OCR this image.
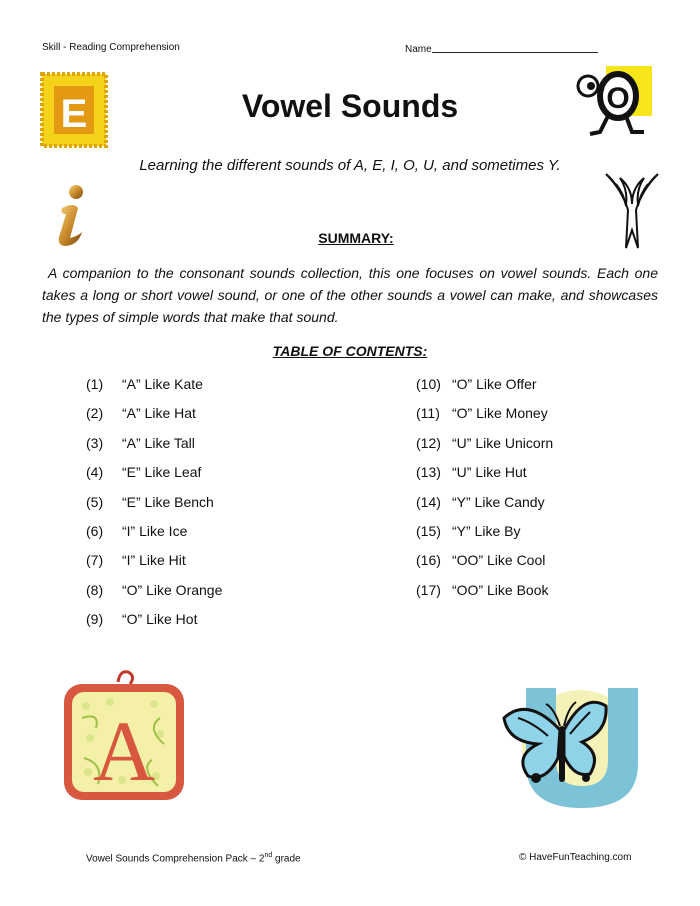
Skill - Reading Comprehension	Name
E	O
Vowel Sounds
Learning the different sounds of A, E, I, O, U, and sometimes Y.
i
SUMMARY:
A companion to the consonant sounds collection, this one focuses on vowel sounds. Each one takes a long or short vowel sound, or one of the other sounds a vowel can make, and showcases the types of simple words that make that sound.
TABLE OF CONTENTS:
(1) “A” Like Kate
(2) “A” Like Hat
(3) “A” Like Tall
(4) “E” Like Leaf
(5) “E” Like Bench
(6) “I” Like Ice
(7) “I” Like Hit
(8) “O” Like Orange
(9) “O” Like Hot
(10) “O” Like Offer
(11) “O” Like Money
(12) “U” Like Unicorn
(13) “U” Like Hut
(14) “Y” Like Candy
(15) “Y” Like By
(16) “OO” Like Cool
(17) “OO” Like Book
A
U
Vowel Sounds Comprehension Pack – 2nd grade	© HaveFunTeaching.com
